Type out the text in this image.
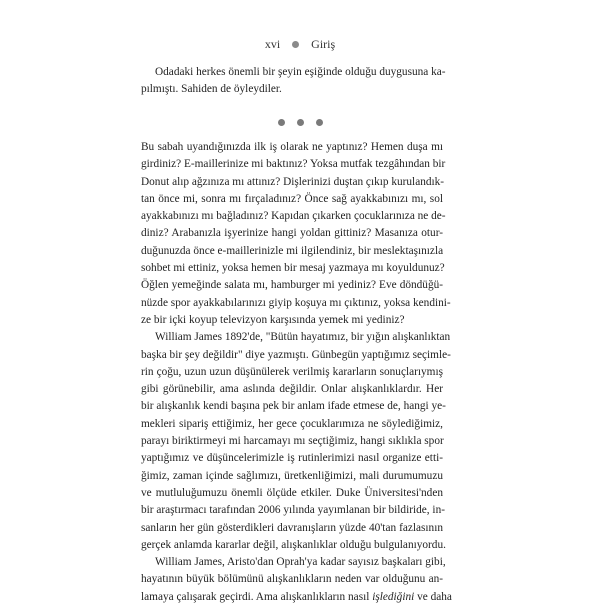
xvi	Giriş
Odadaki herkes önemli bir şeyin eşiğinde olduğu duygusuna ka-
pılmıştı. Sahiden de öyleydiler.
Bu sabah uyandığınızda ilk iş olarak ne yaptınız? Hemen duşa mı
girdiniz? E-maillerinize mi baktınız? Yoksa mutfak tezgâhından bir
Donut alıp ağzınıza mı attınız? Dişlerinizi duştan çıkıp kurulandık-
tan önce mi, sonra mı fırçaladınız? Önce sağ ayakkabınızı mı, sol
ayakkabınızı mı bağladınız? Kapıdan çıkarken çocuklarınıza ne de-
diniz? Arabanızla işyerinize hangi yoldan gittiniz? Masanıza otur-
duğunuzda önce e-maillerinizle mi ilgilendiniz, bir meslektaşınızla
sohbet mi ettiniz, yoksa hemen bir mesaj yazmaya mı koyuldunuz?
Öğlen yemeğinde salata mı, hamburger mi yediniz? Eve döndüğü-
nüzde spor ayakkabılarınızı giyip koşuya mı çıktınız, yoksa kendini-
ze bir içki koyup televizyon karşısında yemek mi yediniz?
William James 1892'de, "Bütün hayatımız, bir yığın alışkanlıktan
başka bir şey değildir" diye yazmıştı. Günbegün yaptığımız seçimle-
rin çoğu, uzun uzun düşünülerek verilmiş kararların sonuçlarıymış
gibi görünebilir, ama aslında değildir. Onlar alışkanlıklardır. Her
bir alışkanlık kendi başına pek bir anlam ifade etmese de, hangi ye-
mekleri sipariş ettiğimiz, her gece çocuklarımıza ne söylediğimiz,
parayı biriktirmeyi mi harcamayı mı seçtiğimiz, hangi sıklıkla spor
yaptığımız ve düşüncelerimizle iş rutinlerimizi nasıl organize etti-
ğimiz, zaman içinde sağlımızı, üretkenliğimizi, mali durumumuzu
ve mutluluğumuzu önemli ölçüde etkiler. Duke Üniversitesi'nden
bir araştırmacı tarafından 2006 yılında yayımlanan bir bildiride, in-
sanların her gün gösterdikleri davranışların yüzde 40'tan fazlasının
gerçek anlamda kararlar değil, alışkanlıklar olduğu bulgulanıyordu.
William James, Aristo'dan Oprah'ya kadar sayısız başkaları gibi,
hayatının büyük bölümünü alışkanlıkların neden var olduğunu an-
lamaya çalışarak geçirdi. Ama alışkanlıkların nasıl işlediğini ve daha
